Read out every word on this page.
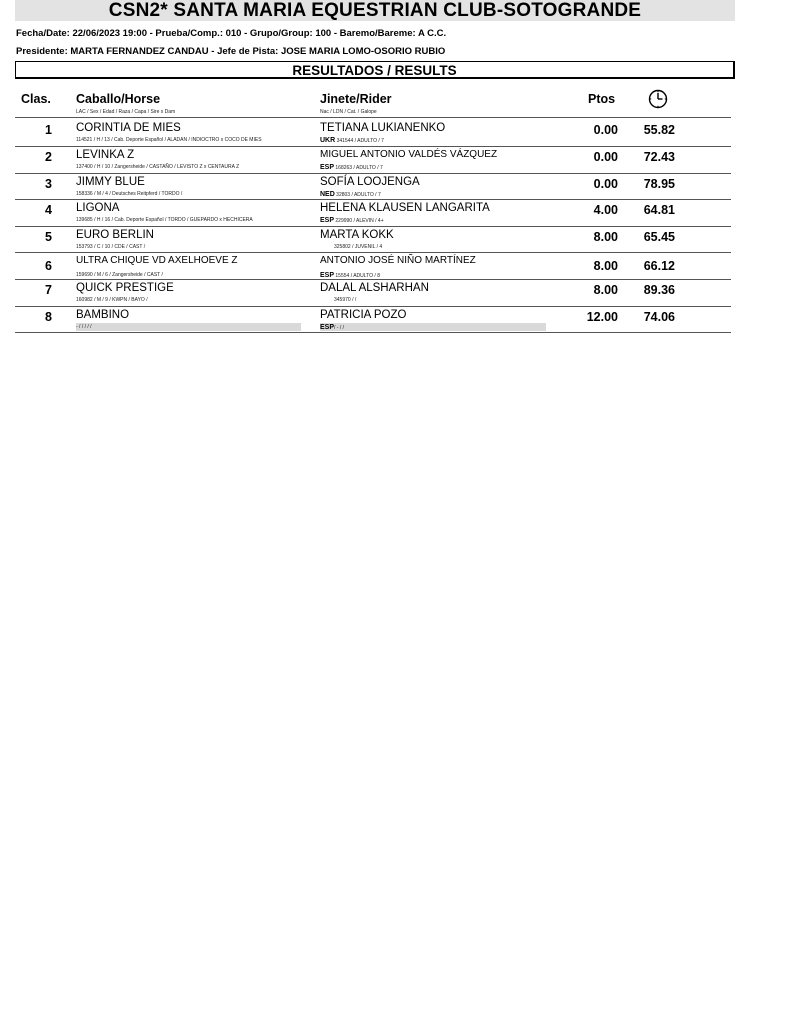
CSN2* SANTA MARIA EQUESTRIAN CLUB-SOTOGRANDE
Fecha/Date: 22/06/2023 19:00 - Prueba/Comp.: 010 - Grupo/Group: 100 - Baremo/Bareme: A C.C.
Presidente: MARTA FERNANDEZ CANDAU - Jefe de Pista: JOSE MARIA LOMO-OSORIO RUBIO
RESULTADOS / RESULTS
Clas. Caballo/Horse
LAC / Sex / Edad / Raza / Capa / Sire x Dam
Jinete/Rider
Nac / LDN / Cat. / Galope
Ptos
1	CORINTIA DE MIES
114521 / H / 13 / Cab. Deporte Español / ALADAN / INDIOCTRO x COCO DE MIES
TETIANA LUKIANENKO
UKR 341544 / ADULTO / 7
0.00	55.82
2	LEVINKA Z
137400 / H / 10 / Zangersheide / CASTAÑO / LEVISTO Z x CENTAURA Z
MIGUEL ANTONIO VALDÉS VÁZQUEZ
ESP 168263 / ADULTO / 7
0.00	72.43
3	JIMMY BLUE
158336 / M / 4 / Deutsches Reitpferd / TORDO /
SOFÍA LOOJENGA
NED 32803 / ADULTO / 7
0.00	78.95
4	LIGONA
139685 / H / 16 / Cab. Deporte Español / TORDO / GUEPARDO x HECHICERA
HELENA KLAUSEN LANGARITA
ESP 229990 / ALEVIN / 4+
4.00	64.81
5	EURO BERLIN
153793 / C / 10 / CDE / CAST /
MARTA KOKK
325802 / JUVENIL / 4
8.00	65.45
6	ULTRA CHIQUE VD AXELHOEVE Z
159690 / M / 6 / Zangersheide / CAST /
ANTONIO JOSÉ NIÑO MARTÍNEZ
ESP 15554 / ADULTO / 8
8.00	66.12
7	QUICK PRESTIGE
160982 / M / 9 / KWPN / BAYO /
DALAL ALSHARHAN
345970 / /
8.00	89.36
8	BAMBINO
- / / / / /
PATRICIA POZO
ESP/ - / /
12.00	74.06
